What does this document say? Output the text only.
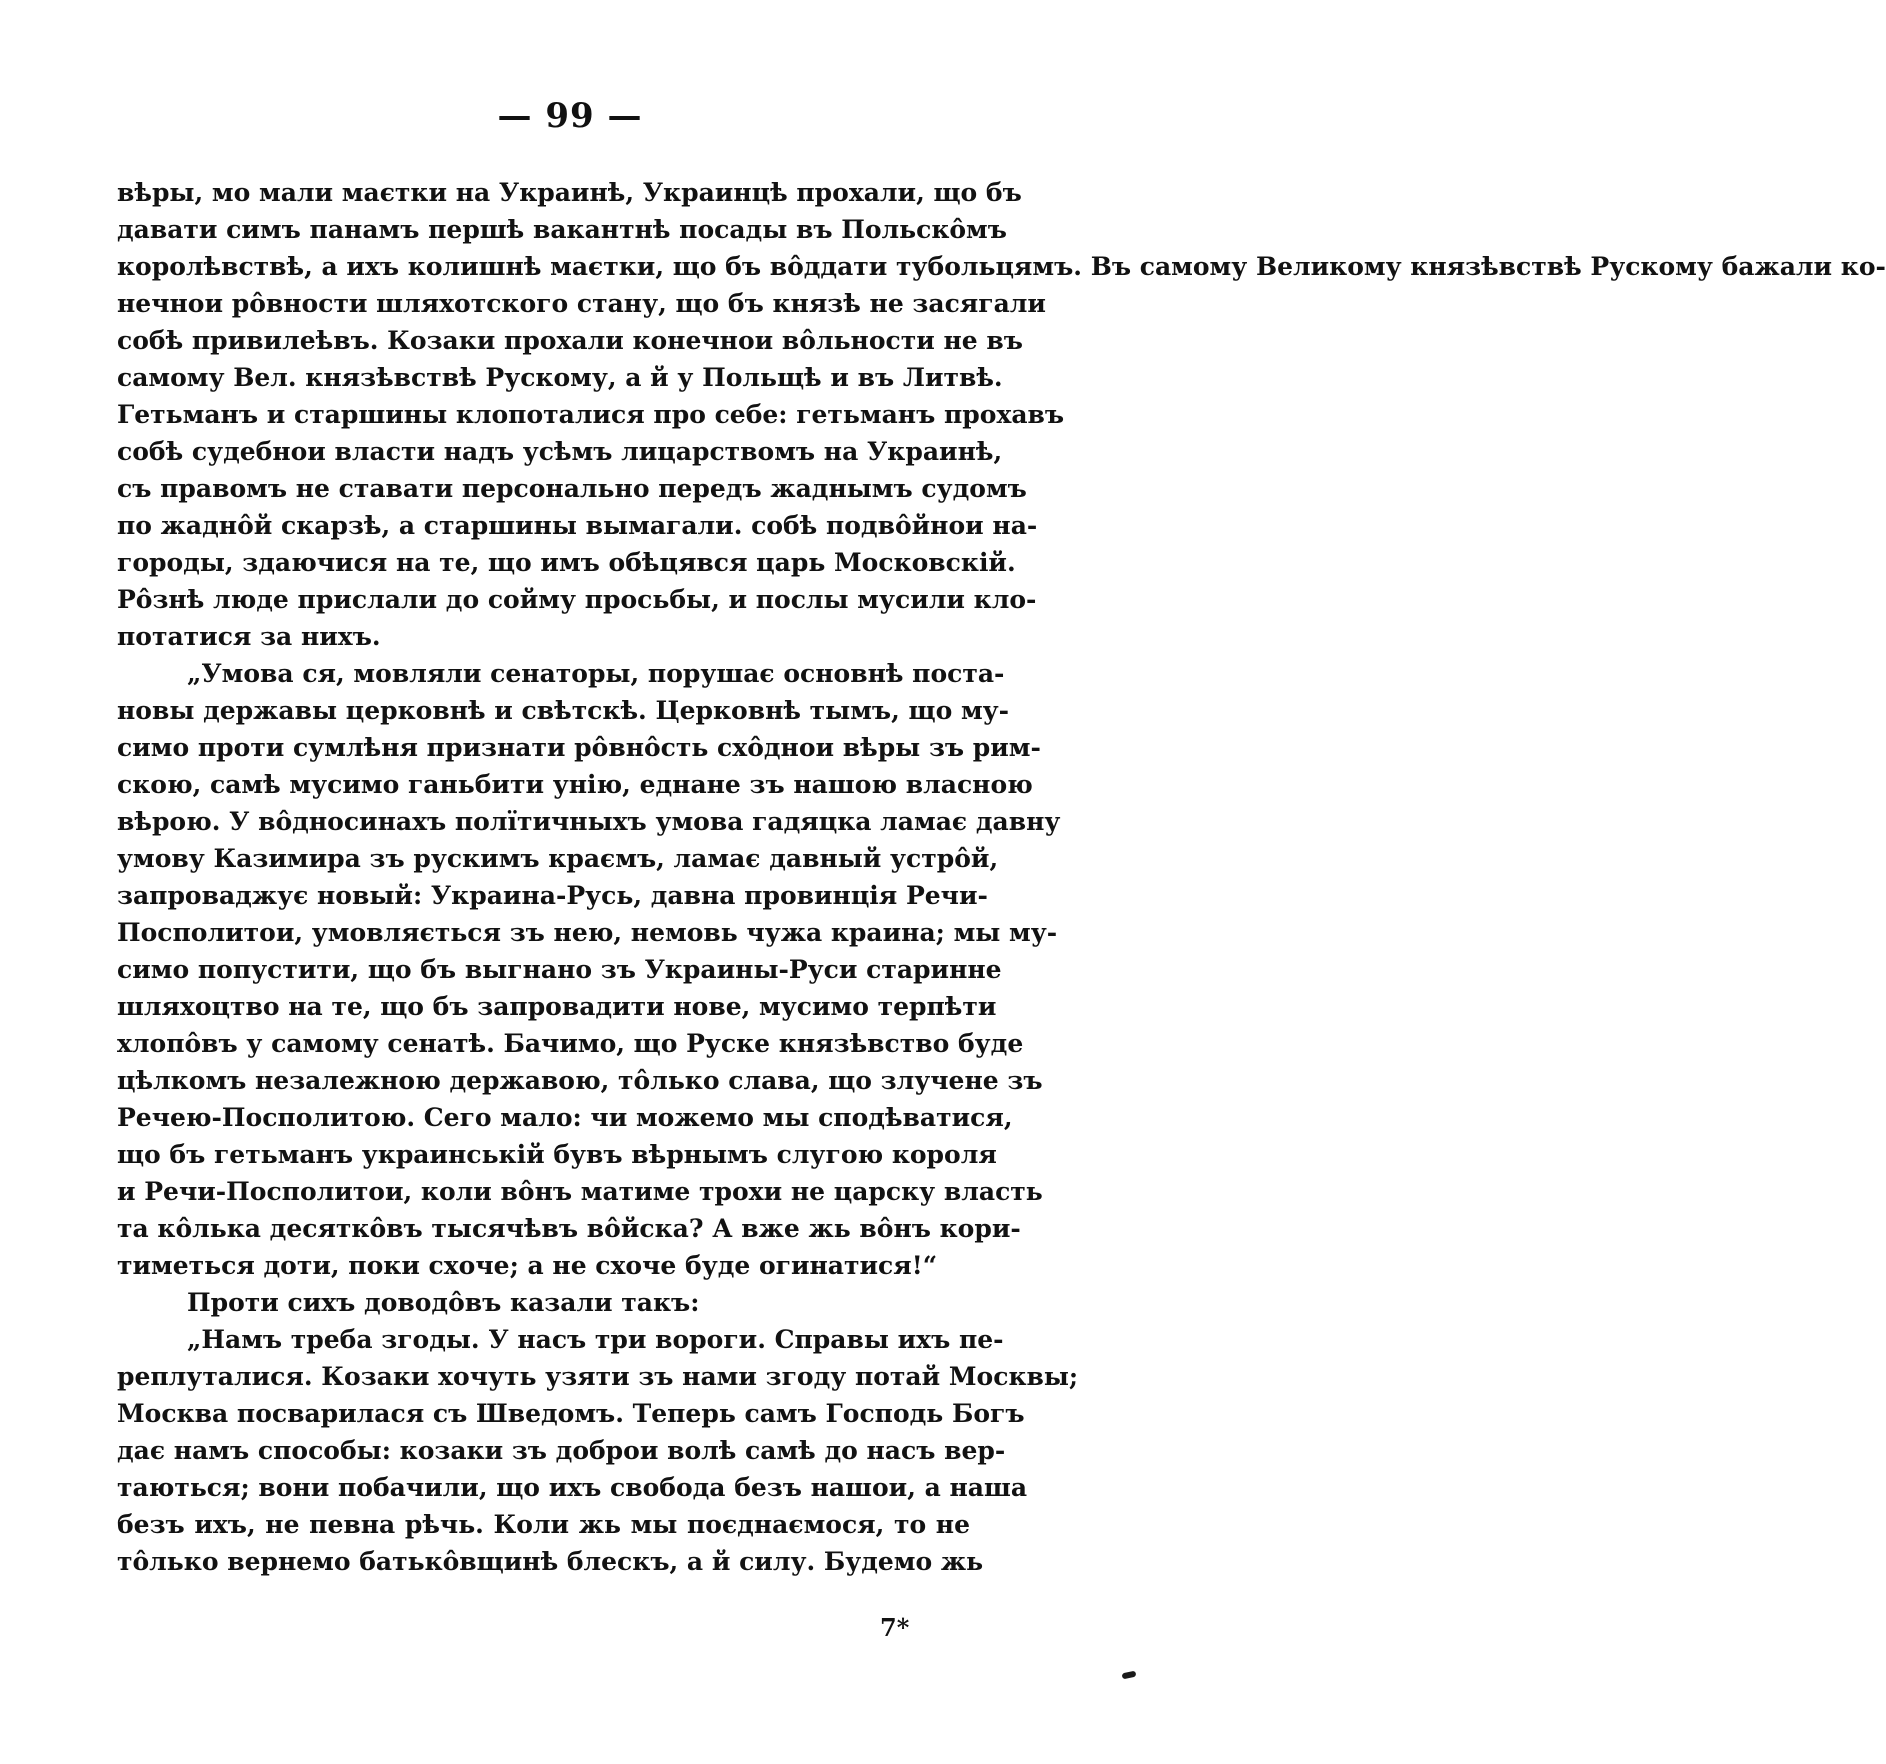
— 99 —
вѣры, мо мали маєтки на Украинѣ, Украинцѣ прохали, що бъ
давати симъ панамъ першѣ вакантнѣ посады въ Польскôмъ
королѣвствѣ, а ихъ колишнѣ маєтки, що бъ вôддати тубольцямъ. Въ самому Великому князѣвствѣ Рускому бажали ко-
нечнои рôвности шляхотского стану, що бъ князѣ не засягали
собѣ привилеѣвъ. Козаки прохали конечнои вôльности не въ
самому Вел. князѣвствѣ Рускому, а й у Польщѣ и въ Литвѣ.
Гетьманъ и старшины клопоталися про себе: гетьманъ прохавъ
собѣ судебнои власти надъ усѣмъ лицарствомъ на Украинѣ,
съ правомъ не ставати персонально передъ жаднымъ судомъ
по жаднôй скарзѣ, а старшины вымагали. собѣ подвôйнои на-
городы, здаючися на те, що имъ обѣцявся царь Московскій.
Рôзнѣ люде прислали до сойму просьбы, и послы мусили кло-
потатися за нихъ.
„Умова ся, мовляли сенаторы, порушає основнѣ поста-
новы державы церковнѣ и свѣтскѣ. Церковнѣ тымъ, що му-
симо проти сумлѣня признати рôвнôсть схôднои вѣры зъ рим-
скою, самѣ мусимо ганьбити унію, еднане зъ нашою власною
вѣрою. У вôдносинахъ полїтичныхъ умова гадяцка ламає давну
умову Казимира зъ рускимъ краємъ, ламає давный устрôй,
запроваджує новый: Украина-Русь, давна провинція Речи-
Посполитои, умовляється зъ нею, немовь чужа краина; мы му-
симо попустити, що бъ выгнано зъ Украины-Руси старинне
шляхоцтво на те, що бъ запровадити нове, мусимо терпѣти
хлопôвъ у самому сенатѣ. Бачимо, що Руске князѣвство буде
цѣлкомъ незалежною державою, тôлько слава, що злучене зъ
Речею-Посполитою. Сего мало: чи можемо мы сподѣватися,
що бъ гетьманъ украинській бувъ вѣрнымъ слугою короля
и Речи-Посполитои, коли вôнъ матиме трохи не царску власть
та кôлька десяткôвъ тысячѣвъ вôйска? А вже жь вôнъ кори-
тиметься доти, поки схоче; а не схоче буде огинатися!“
Проти сихъ доводôвъ казали такъ:
„Намъ треба згоды. У насъ три вороги. Справы ихъ пе-
реплуталися. Козаки хочуть узяти зъ нами згоду потай Москвы;
Москва посварилася съ Шведомъ. Теперь самъ Господь Богъ
дає намъ способы: козаки зъ доброи волѣ самѣ до насъ вер-
таються; вони побачили, що ихъ свобода безъ нашои, а наша
безъ ихъ, не певна рѣчь. Коли жь мы поєднаємося, то не
тôлько вернемо батькôвщинѣ блескъ, а й силу. Будемо жь
7*
